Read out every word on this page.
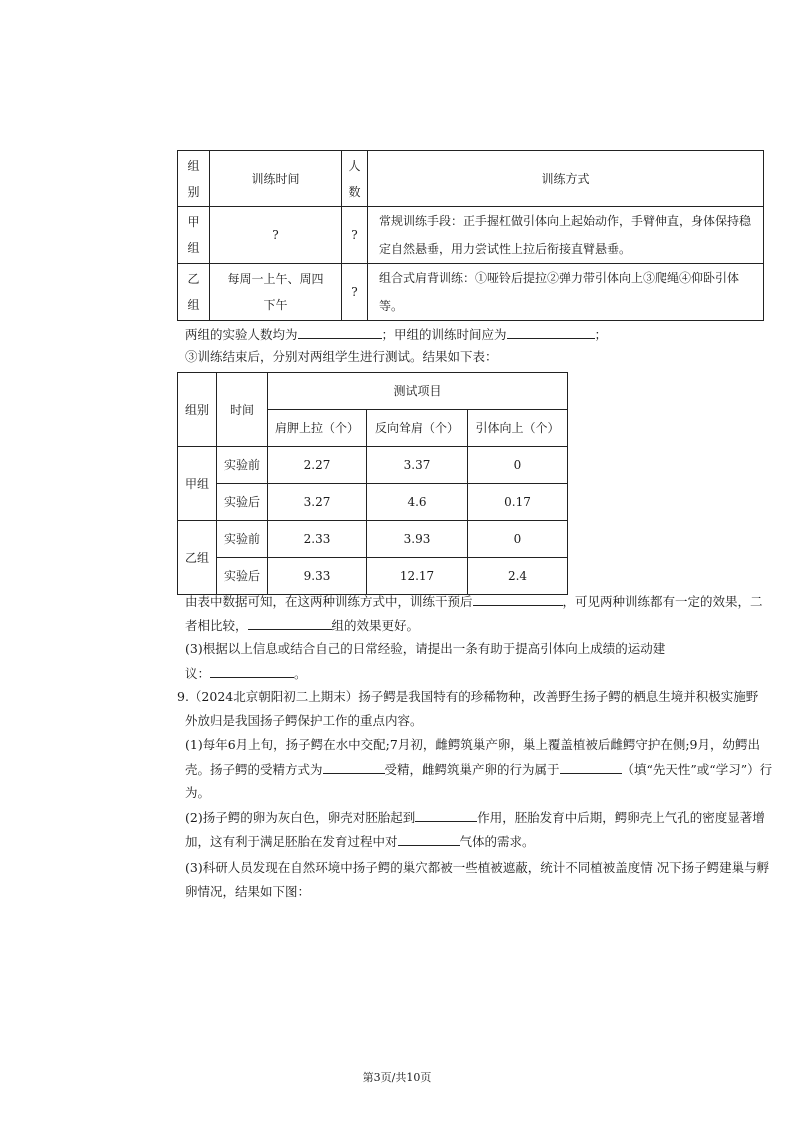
组别	训练时间	人数	训练方式
甲组	?	?	常规训练手段：正手握杠做引体向上起始动作，手臂伸直，身体保持稳定自然悬垂，用力尝试性上拉后衔接直臂悬垂。
乙组	每周一上午、周四下午	?	组合式肩背训练：①哑铃后提拉②弹力带引体向上③爬绳④仰卧引体等。
两组的实验人数均为	；甲组的训练时间应为	；
③训练结束后，分别对两组学生进行测试。结果如下表：
组别	时间	测试项目		
		肩胛上拉（个）	反向耸肩（个）	引体向上（个）
甲组	实验前	2.27	3.37	0
	实验后	3.27	4.6	0.17
乙组	实验前	2.33	3.93	0
	实验后	9.33	12.17	2.4
由表中数据可知，在这两种训练方式中，训练干预后	，可见两种训练都有一定的效果，二
者相比较，	组的效果更好。
(3)根据以上信息或结合自己的日常经验，请提出一条有助于提高引体向上成绩的运动建
议：	。
9.（2024北京朝阳初二上期末）扬子鳄是我国特有的珍稀物种，改善野生扬子鳄的栖息生境并积极实施野
外放归是我国扬子鳄保护工作的重点内容。
(1)每年6月上旬，扬子鳄在水中交配;7月初，雌鳄筑巢产卵，巢上覆盖植被后雌鳄守护在侧;9月，幼鳄出
壳。扬子鳄的受精方式为	受精，雌鳄筑巢产卵的行为属于	（填“先天性”或“学习”）行
为。
(2)扬子鳄的卵为灰白色，卵壳对胚胎起到	作用，胚胎发育中后期，鳄卵壳上气孔的密度显著增
加，这有利于满足胚胎在发育过程中对	气体的需求。
(3)科研人员发现在自然环境中扬子鳄的巢穴都被一些植被遮蔽，统计不同植被盖度情 况下扬子鳄建巢与孵卵情况，结果如下图：
第3页/共10页
